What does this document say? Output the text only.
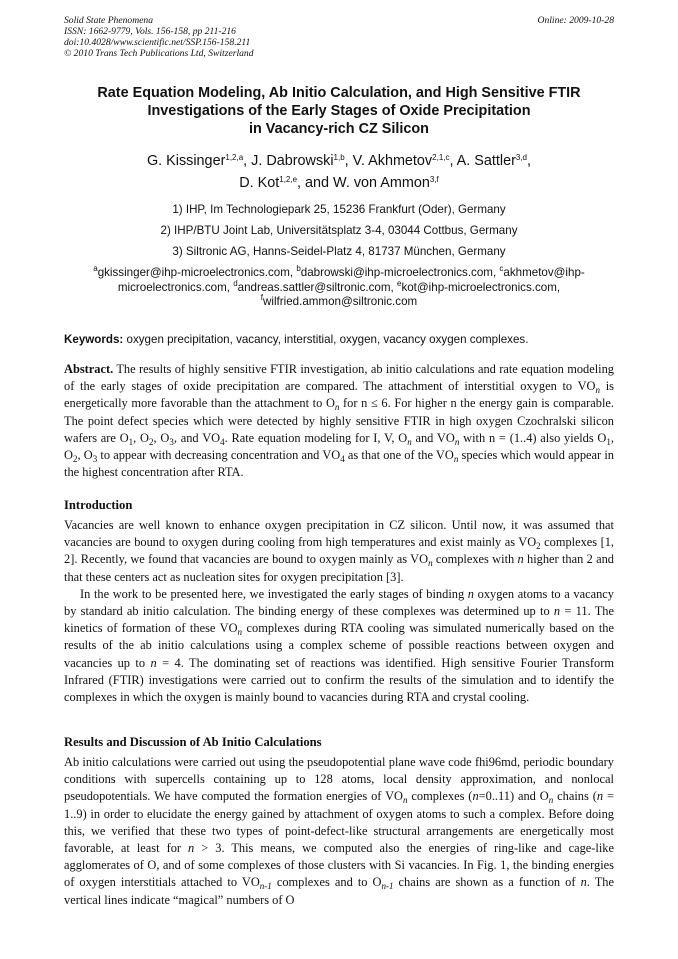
Solid State Phenomena
ISSN: 1662-9779, Vols. 156-158, pp 211-216
doi:10.4028/www.scientific.net/SSP.156-158.211
© 2010 Trans Tech Publications Ltd, Switzerland
Online: 2009-10-28
Rate Equation Modeling, Ab Initio Calculation, and High Sensitive FTIR
Investigations of the Early Stages of Oxide Precipitation
in Vacancy-rich CZ Silicon
G. Kissinger$^{1,2,a}$, J. Dabrowski$^{1,b}$, V. Akhmetov$^{2,1,c}$, A. Sattler$^{3,d}$,
D. Kot$^{1,2,e}$, and W. von Ammon$^{3,f}$
1) IHP, Im Technologiepark 25, 15236 Frankfurt (Oder), Germany
2) IHP/BTU Joint Lab, Universitätsplatz 3-4, 03044 Cottbus, Germany
3) Siltronic AG, Hanns-Seidel-Platz 4, 81737 München, Germany
$^a$gkissinger@ihp-microelectronics.com, $^b$dabrowski@ihp-microelectronics.com, $^c$akhmetov@ihp-
microelectronics.com, $^d$andreas.sattler@siltronic.com, $^e$kot@ihp-microelectronics.com,
$^f$wilfried.ammon@siltronic.com
Keywords: oxygen precipitation, vacancy, interstitial, oxygen, vacancy oxygen complexes.

Abstract. The results of highly sensitive FTIR investigation, ab initio calculations and rate equation modeling of the early stages of oxide precipitation are compared. The attachment of interstitial oxygen to $VO_n$ is energetically more favorable than the attachment to $O_n$ for n ≤ 6. For higher n the energy gain is comparable. The point defect species which were detected by highly sensitive FTIR in high oxygen Czochralski silicon wafers are $O_1$, $O_2$, $O_3$, and $VO_4$. Rate equation modeling for I, V, $O_n$ and $VO_n$ with n = (1..4) also yields $O_1$, $O_2$, $O_3$ to appear with decreasing concentration and $VO_4$ as that one of the $VO_n$ species which would appear in the highest concentration after RTA.

Introduction

Vacancies are well known to enhance oxygen precipitation in CZ silicon. Until now, it was assumed that vacancies are bound to oxygen during cooling from high temperatures and exist mainly as $VO_2$ complexes [1, 2]. Recently, we found that vacancies are bound to oxygen mainly as $VO_n$ complexes with n higher than 2 and that these centers act as nucleation sites for oxygen precipitation [3].

In the work to be presented here, we investigated the early stages of binding n oxygen atoms to a vacancy by standard ab initio calculation. The binding energy of these complexes was determined up to n = 11. The kinetics of formation of these $VO_n$ complexes during RTA cooling was simulated numerically based on the results of the ab initio calculations using a complex scheme of possible reactions between oxygen and vacancies up to n = 4. The dominating set of reactions was identified. High sensitive Fourier Transform Infrared (FTIR) investigations were carried out to confirm the results of the simulation and to identify the complexes in which the oxygen is mainly bound to vacancies during RTA and crystal cooling.

Results and Discussion of Ab Initio Calculations

Ab initio calculations were carried out using the pseudopotential plane wave code fhi96md, periodic boundary conditions with supercells containing up to 128 atoms, local density approximation, and nonlocal pseudopotentials. We have computed the formation energies of $VO_n$ complexes (n=0..11) and $O_n$ chains (n = 1..9) in order to elucidate the energy gained by attachment of oxygen atoms to such a complex. Before doing this, we verified that these two types of point-defect-like structural arrangements are energetically most favorable, at least for n > 3. This means, we computed also the energies of ring-like and cage-like agglomerates of O, and of some complexes of those clusters with Si vacancies. In Fig. 1, the binding energies of oxygen interstitials attached to $VO_{n-1}$ complexes and to $O_{n-1}$ chains are shown as a function of n. The vertical lines indicate “magical” numbers of O
